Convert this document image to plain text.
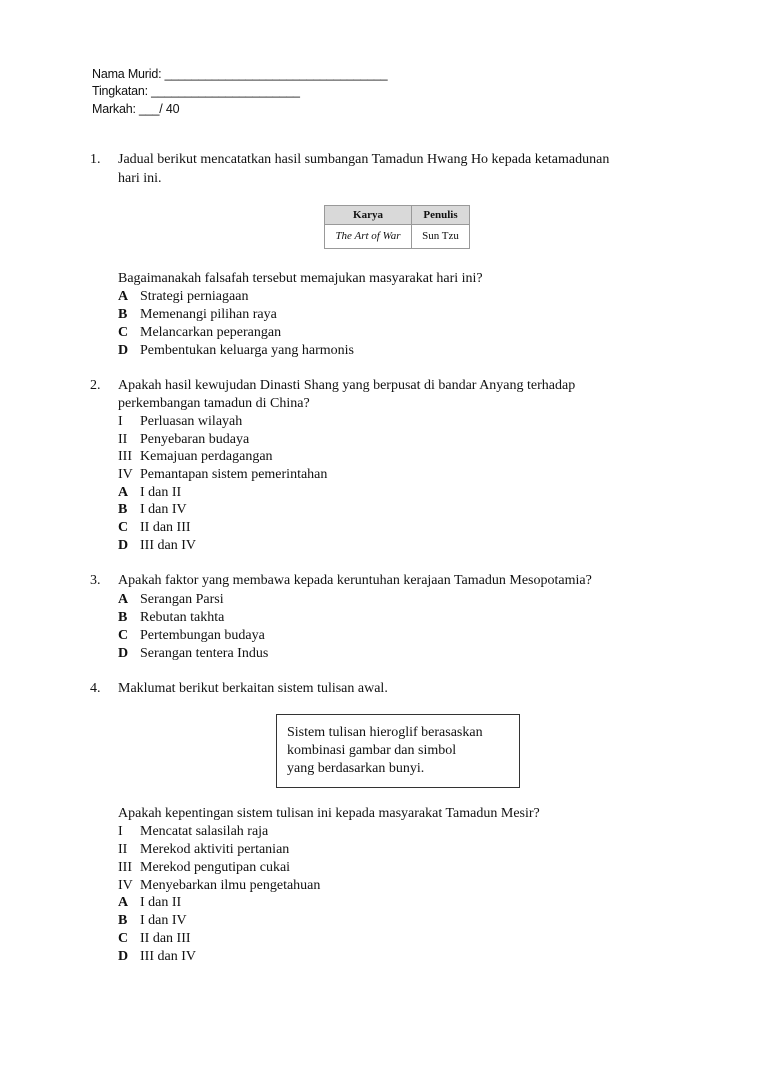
Nama Murid: _________________________________
Tingkatan: ______________________
Markah: ___/ 40
1. Jadual berikut mencatatkan hasil sumbangan Tamadun Hwang Ho kepada ketamadunan
hari ini.
Karya	Penulis
The Art of War	Sun Tzu
Bagaimanakah falsafah tersebut memajukan masyarakat hari ini?
A Strategi perniagaan
B Memenangi pilihan raya
C Melancarkan peperangan
D Pembentukan keluarga yang harmonis
2. Apakah hasil kewujudan Dinasti Shang yang berpusat di bandar Anyang terhadap
perkembangan tamadun di China?
I Perluasan wilayah
II Penyebaran budaya
III Kemajuan perdagangan
IV Pemantapan sistem pemerintahan
A I dan II
B I dan IV
C II dan III
D III dan IV
3. Apakah faktor yang membawa kepada keruntuhan kerajaan Tamadun Mesopotamia?
A Serangan Parsi
B Rebutan takhta
C Pertembungan budaya
D Serangan tentera Indus
4. Maklumat berikut berkaitan sistem tulisan awal.
Sistem tulisan hieroglif berasaskan
kombinasi gambar dan simbol
yang berdasarkan bunyi.
Apakah kepentingan sistem tulisan ini kepada masyarakat Tamadun Mesir?
I Mencatat salasilah raja
II Merekod aktiviti pertanian
III Merekod pengutipan cukai
IV Menyebarkan ilmu pengetahuan
A I dan II
B I dan IV
C II dan III
D III dan IV
